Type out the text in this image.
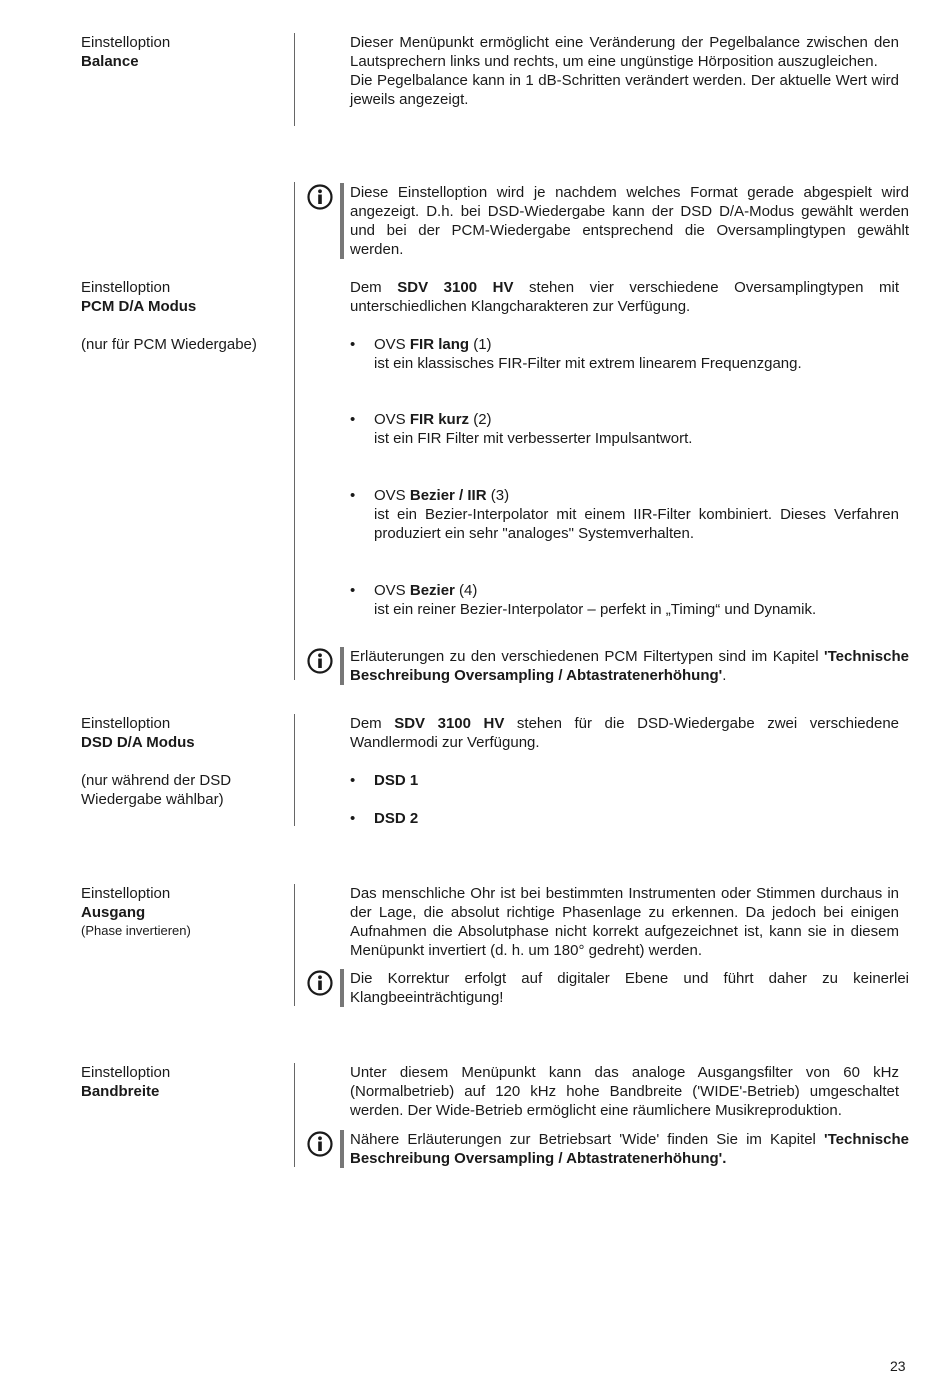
Einstelloption
Balance

Dieser Menüpunkt ermöglicht eine Veränderung der Pegelbalance zwischen den Lautsprechern links und rechts, um eine ungünstige Hörposition auszugleichen.

Die Pegelbalance kann in 1 dB-Schritten verändert werden. Der aktuelle Wert wird jeweils angezeigt.

Diese Einstelloption wird je nachdem welches Format gerade abgespielt wird angezeigt. D.h. bei DSD-Wiedergabe kann der DSD D/A-Modus gewählt werden und bei der PCM-Wiedergabe entsprechend die Oversamplingtypen gewählt werden.
Einstelloption
PCM D/A Modus
(nur für PCM Wiedergabe)
Dem SDV 3100 HV stehen vier verschiedene Oversamplingtypen mit unterschiedlichen Klangcharakteren zur Verfügung.
•	OVS FIR lang (1)
ist ein klassisches FIR-Filter mit extrem linearem Frequenzgang.
•	OVS FIR kurz (2)
ist ein FIR Filter mit verbesserter Impulsantwort.
•	OVS Bezier / IIR (3)
ist ein Bezier-Interpolator mit einem IIR-Filter kombiniert. Dieses Verfahren produziert ein sehr "analoges" Systemverhalten.
•	OVS Bezier (4)
ist ein reiner Bezier-Interpolator – perfekt in „Timing“ und Dynamik.
Erläuterungen zu den verschiedenen PCM Filtertypen sind im Kapitel 'Technische Beschreibung Oversampling / Abtastratenerhöhung'.
Einstelloption
DSD D/A Modus
(nur während der DSD Wiedergabe wählbar)
Dem SDV 3100 HV stehen für die DSD-Wiedergabe zwei verschiedene Wandlermodi zur Verfügung.
•	DSD 1
•	DSD 2
Einstelloption
Ausgang
(Phase invertieren)
Das menschliche Ohr ist bei bestimmten Instrumenten oder Stimmen durchaus in der Lage, die absolut richtige Phasenlage zu erkennen. Da jedoch bei einigen Aufnahmen die Absolutphase nicht korrekt aufgezeichnet ist, kann sie in diesem Menüpunkt invertiert (d. h. um 180° gedreht) werden.
Die Korrektur erfolgt auf digitaler Ebene und führt daher zu keinerlei Klangbeeinträchtigung!
Einstelloption
Bandbreite
Unter diesem Menüpunkt kann das analoge Ausgangsfilter von 60 kHz (Normalbetrieb) auf 120 kHz hohe Bandbreite ('WIDE'-Betrieb) umgeschaltet werden. Der Wide-Betrieb ermöglicht eine räumlichere Musikreproduktion.
Nähere Erläuterungen zur Betriebsart 'Wide' finden Sie im Kapitel 'Technische Beschreibung Oversampling / Abtastratenerhöhung'.
23
